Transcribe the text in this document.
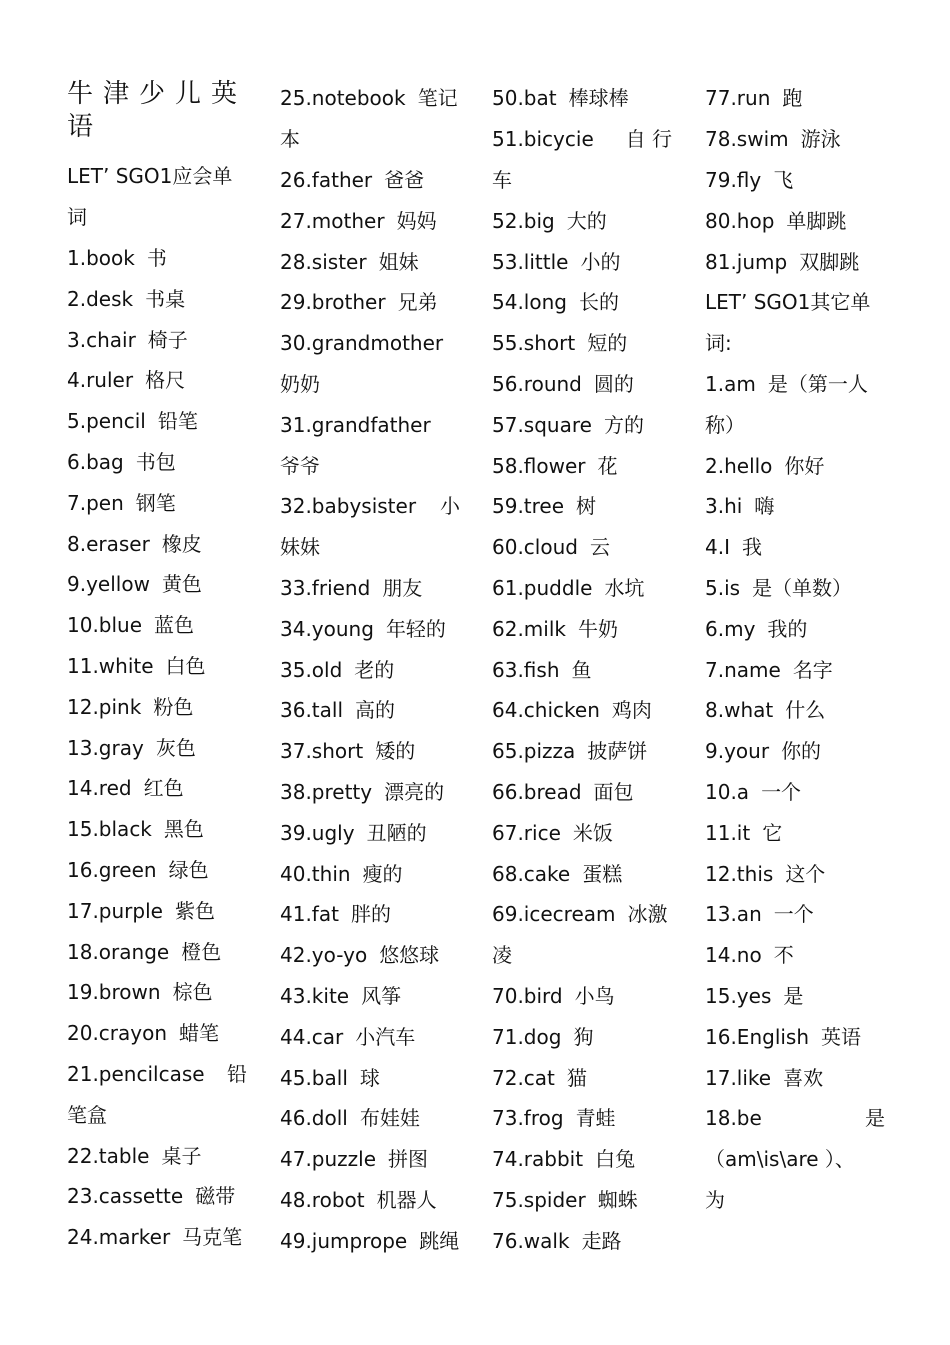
牛津少儿英
语
LET’ SGO1应会单
词
1.book 书
2.desk 书桌
3.chair 椅子
4.ruler 格尺
5.pencil 铅笔
6.bag 书包
7.pen 钢笔
8.eraser 橡皮
9.yellow 黄色
10.blue 蓝色
11.white 白色
12.pink 粉色
13.gray 灰色
14.red 红色
15.black 黑色
16.green 绿色
17.purple 紫色
18.orange 橙色
19.brown 棕色
20.crayon 蜡笔
21.pencilcase 铅
笔盒
22.table 桌子
23.cassette 磁带
24.marker 马克笔
25.notebook 笔记
本
26.father 爸爸
27.mother 妈妈
28.sister 姐妹
29.brother 兄弟
30.grandmother
奶奶
31.grandfather
爷爷
32.babysister 小
妹妹
33.friend 朋友
34.young 年轻的
35.old 老的
36.tall 高的
37.short 矮的
38.pretty 漂亮的
39.ugly 丑陋的
40.thin 瘦的
41.fat 胖的
42.yo-yo 悠悠球
43.kite 风筝
44.car 小汽车
45.ball 球
46.doll 布娃娃
47.puzzle 拼图
48.robot 机器人
49.jumprope 跳绳
50.bat 棒球棒
51.bicycie 自 行
车
52.big 大的
53.little 小的
54.long 长的
55.short 短的
56.round 圆的
57.square 方的
58.flower 花
59.tree 树
60.cloud 云
61.puddle 水坑
62.milk 牛奶
63.fish 鱼
64.chicken 鸡肉
65.pizza 披萨饼
66.bread 面包
67.rice 米饭
68.cake 蛋糕
69.icecream 冰激
凌
70.bird 小鸟
71.dog 狗
72.cat 猫
73.frog 青蛙
74.rabbit 白兔
75.spider 蜘蛛
76.walk 走路
77.run 跑
78.swim 游泳
79.fly 飞
80.hop 单脚跳
81.jump 双脚跳
LET’ SGO1其它单
词:
1.am 是（第一人
称）
2.hello 你好
3.hi 嗨
4.I 我
5.is 是（单数）
6.my 我的
7.name 名字
8.what 什么
9.your 你的
10.a 一个
11.it 它
12.this 这个
13.an 一个
14.no 不
15.yes 是
16.English 英语
17.like 喜欢
18.be	是
（am\is\are ）、
为
